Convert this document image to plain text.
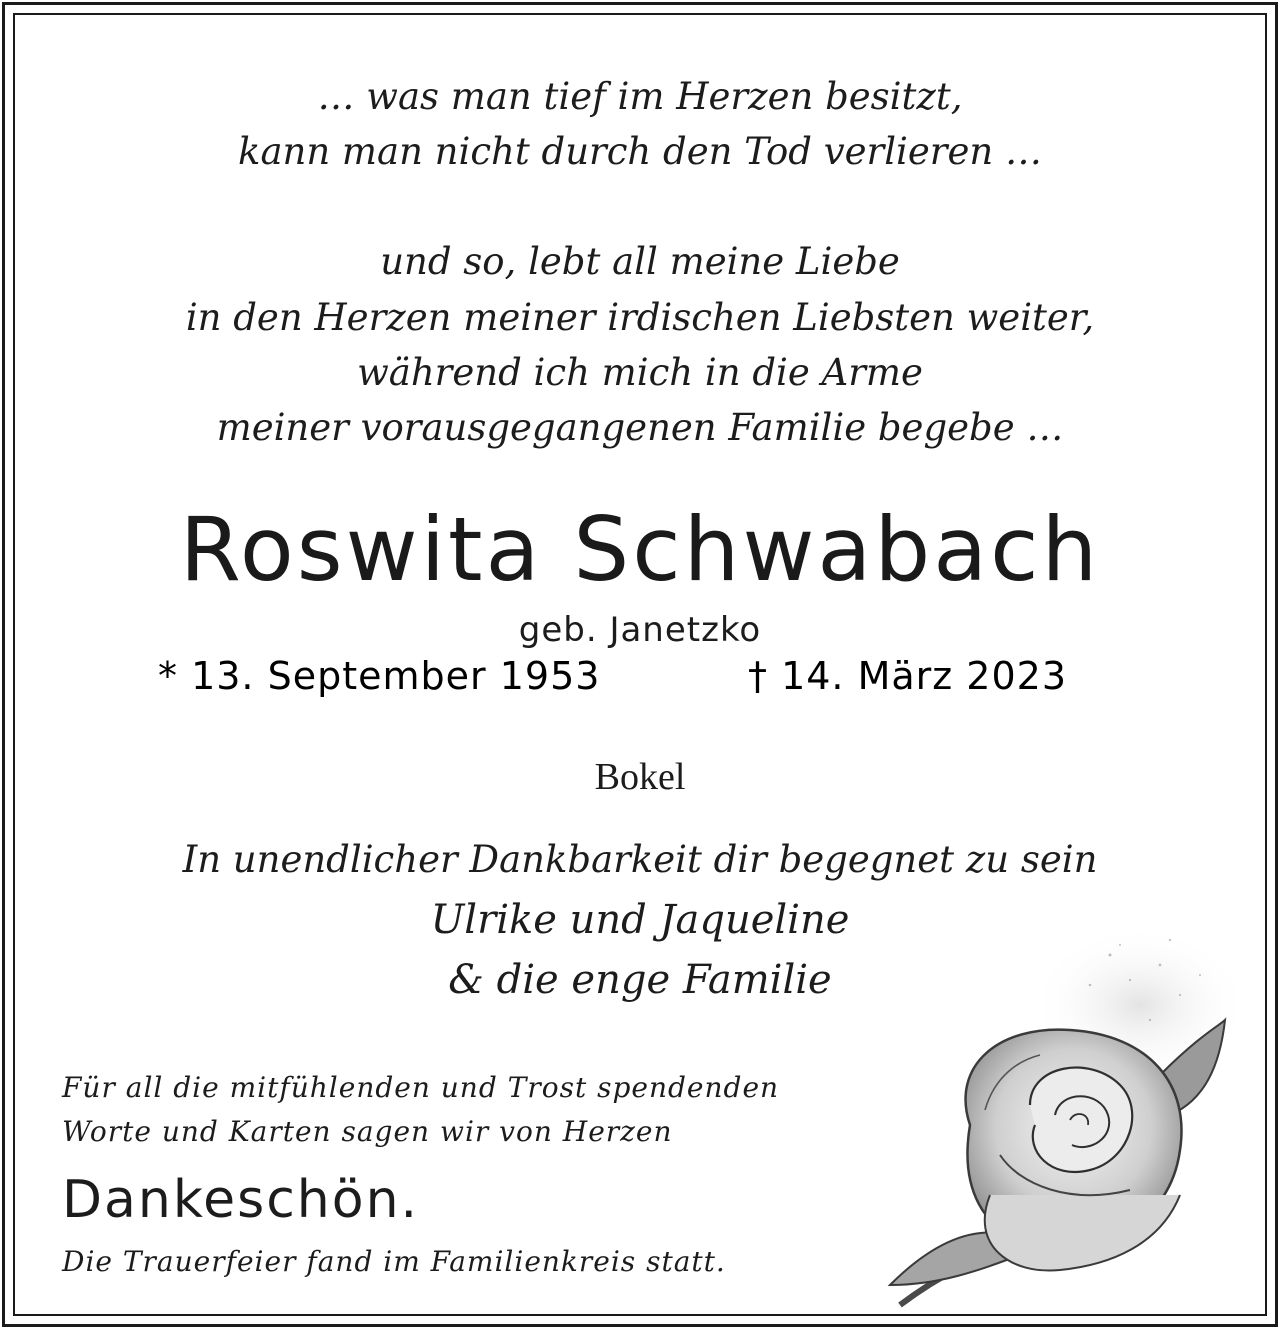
… was man tief im Herzen besitzt,

kann man nicht durch den Tod verlieren …

und so, lebt all meine Liebe

in den Herzen meiner irdischen Liebsten weiter,

während ich mich in die Arme

meiner vorausgegangenen Familie begebe …

Roswita Schwabach

geb. Janetzko

* 13. September 1953	† 14. März 2023

Bokel

In unendlicher Dankbarkeit dir begegnet zu sein

Ulrike und Jaqueline

& die enge Familie

Für all die mitfühlenden und Trost spendenden

Worte und Karten sagen wir von Herzen

Dankeschön.

Die Trauerfeier fand im Familienkreis statt.
